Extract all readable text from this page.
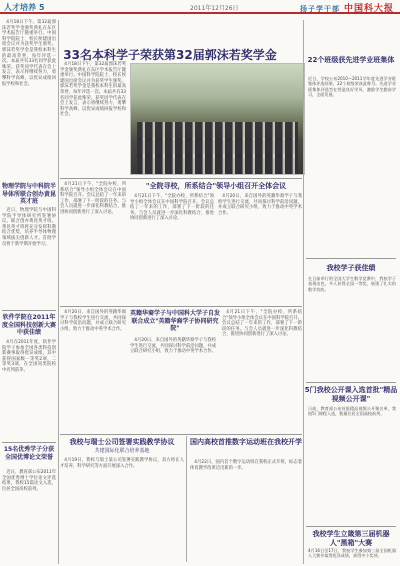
人才培养 5	2011年12月26日	扬子学干部 中国科大报
33名本科学子荣获第32届郭沫若奖学金

4月18日下午，第32届郭沫若奖学金颁奖典礼在东区学术报告厅隆重举行。中国科学院院士、校长侯建国出席会议并为获奖学生颁奖。郭沫若奖学金是我校本科生的最高荣誉，每年评选一次。本届共有33名同学获此殊荣。获奖同学代表在会上发言，表示将继续努力，勇攀科学高峰，以优异成绩回报学校和社会。

4月18日下午，第32届郭沫若奖学金颁奖典礼在东区学术报告厅隆重举行。中国科学院院士、校长侯建国出席会议并为获奖学生颁奖。郭沫若奖学金是我校本科生的最高荣誉，每年评选一次。本届共有33名同学获此殊荣。获奖同学代表在会上发言，表示将继续努力，勇攀科学高峰，以优异成绩回报学校和社会。

物理学院与中科院半导体所联合创办黄昆英才班

近日，物理学院与中国科学院半导体研究所签署协议，联合创办黄昆英才班。黄昆英才班将充分发挥科教结合优势，培养半导体物理领域拔尖创新人才。首批学员将于新学期开始学习。

软件学院在2011年度全国科技创新大赛中获佳绩

4月在2011年度，软件学院学子参加全国各类科技创新赛事取得优异成绩，其中获得国家级一等奖2项、二等奖3项，在全国同类院校中名列前茅。

15名优秀学子分获全国优博论文荣誉

近日，教育部公布2011年全国优秀博士学位论文评选结果，我校15篇论文入选，位居全国高校前列。

"全院寻校，所系结合"领导小组召开全体会议

4月21日下午，"全院办校、所系结合"领导小组全体会议在中国科学院召开。会议总结了一年来的工作，部署了下一阶段的任务。与会人员就进一步深化科教结合、推进协同创新进行了深入讨论。

4月21日下午，"全院办校、所系结合"领导小组全体会议在中国科学院召开。会议总结了一年来的工作，部署了下一阶段的任务。与会人员就进一步深化科教结合、推进协同创新进行了深入讨论。

4月20日，来自国外的英籍华裔学子与我校学生进行交流，共同探讨科学前沿问题，并成立联合研究小组，致力于推动中英学术合作。

英籍华裔学子与中国科大学子自发联合成立"英籍华裔学子协同研究院"

4月20日，来自国外的英籍华裔学子与我校学生进行交流，共同探讨科学前沿问题，并成立联合研究小组，致力于推动中英学术合作。

4月20日，来自国外的英籍华裔学子与我校学生进行交流，共同探讨科学前沿问题，并成立联合研究小组，致力于推动中英学术合作。

4月21日下午，"全院办校、所系结合"领导小组全体会议在中国科学院召开。会议总结了一年来的工作，部署了下一阶段的任务。与会人员就进一步深化科教结合、推进协同创新进行了深入讨论。

我校与瑞士公司签署实践教学协议
共建国际化联合培养基地

4月19日，我校与瑞士某公司签署实践教学协议，双方将在人才培养、科学研究等方面开展深入合作。

国内高校首推数字运动班在我校开学

4月22日，国内首个数字运动班在我校正式开班，标志着体育教学改革迈出新的一步。

22个班级获先进学业班集体

近日，学校公布2010—2011学年度先进学业班集体评选结果，22个班级荣获此称号。先进学业班集体评选旨在营造良好学风，激励学生勤奋学习，全面发展。

我校学子获佳绩

在日前举行的全国大学生数学竞赛中，我校学子表现出色，多人获得全国一等奖，展现了扎实的数学功底。

5门我校公开课入选首批"精品视频公开课"

日前，教育部公布首批精品视频公开课名单，我校5门课程入选，数量位居全国高校前列。

我校学生立箴第三届机器人"黑箱"大赛

4月16日至17日，我校学生参加第三届全国机器人大赛并取得优异成绩，获得多个奖项。
